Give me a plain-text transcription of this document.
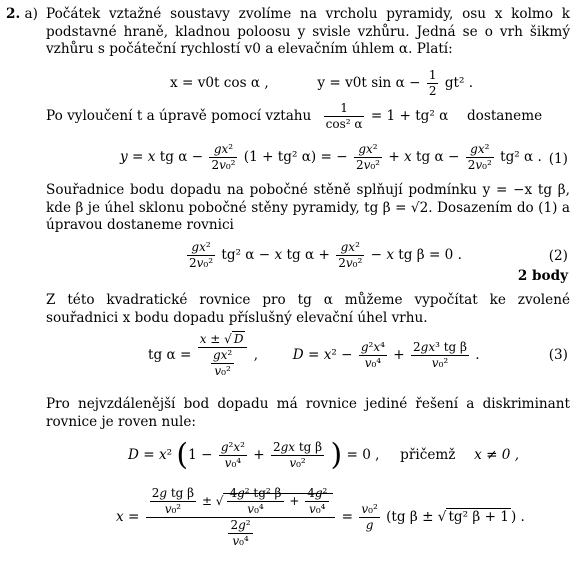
2. a) Počátek vztažné soustavy zvolíme na vrcholu pyramidy, osu x kolmo k podstavné hraně, kladnou poloosu y svisle vzhůru. Jedná se o vrh šikmý vzhůru s počáteční rychlostí v0 a elevačním úhlem α. Platí:
x = v0t cos α ,	y = v0t $\sin \alpha - \frac{1}{2} gt^2$ .
Po vyloučení t a úpravě pomocí vztahu $\frac{1}{\text{cos² α}} = 1 + tg^2$ α dostaneme
y = x tg $\alpha - \frac{\text{gx²}}{\text{2v₀²}} (1 + tg^2$ α) = − $\frac{\text{gx²}}{\text{2v₀²}} + x$ tg $\alpha - \frac{\text{gx²}}{\text{2v₀²}} tg^2$ α . (1)
Souřadnice bodu dopadu na pobočné stěně splňují podmínku y = −x tg β, kde β je úhel sklonu pobočné stěny pyramidy, tg β = √2. Dosazením do (1) a úpravou dostaneme rovnici
$\frac{\text{gx²}}{\text{2v₀²}} tg^2$ α − x tg $\alpha + \frac{\text{gx²}}{\text{2v₀²}} - x$ tg β = 0 .	(2)
2 body
Z této kvadratické rovnice pro tg α můžeme vypočítat ke zvolené souřadnici x bodu dopadu příslušný elevační úhel vrhu.
tg $\alpha = \frac{x \pm √ D}{\frac{\text{gx²}}{\text{v₀²}}}$ ,  $D = x^2 - \frac{\text{g²x⁴}}{\text{v₀⁴}} + \frac{\text{2gx³ tg β}}{\text{v₀²}}$ .	(3)
Pro nejvzdálenější bod dopadu má rovnice jediné řešení a diskriminant rovnice je roven nule:
D = x² ($1 - \frac{\text{g²x²}}{\text{v₀⁴}} + \frac{\text{2gx tg β}}{\text{v₀²}}$ ) = 0 ,  přičemž x ≠ 0 ,
$x = \frac{\frac{\text{2g tg β}}{\text{v₀²}} \pm √ \frac{\text{4g² tg² β}}{\text{v₀⁴}} + \frac{\text{4g²}}{\text{v₀⁴}}}{\frac{\text{2g²}}{\text{v₀⁴}}} = \frac{\text{v₀²}}{g} (tg$ β ± √ tg² β + 1 ) .
